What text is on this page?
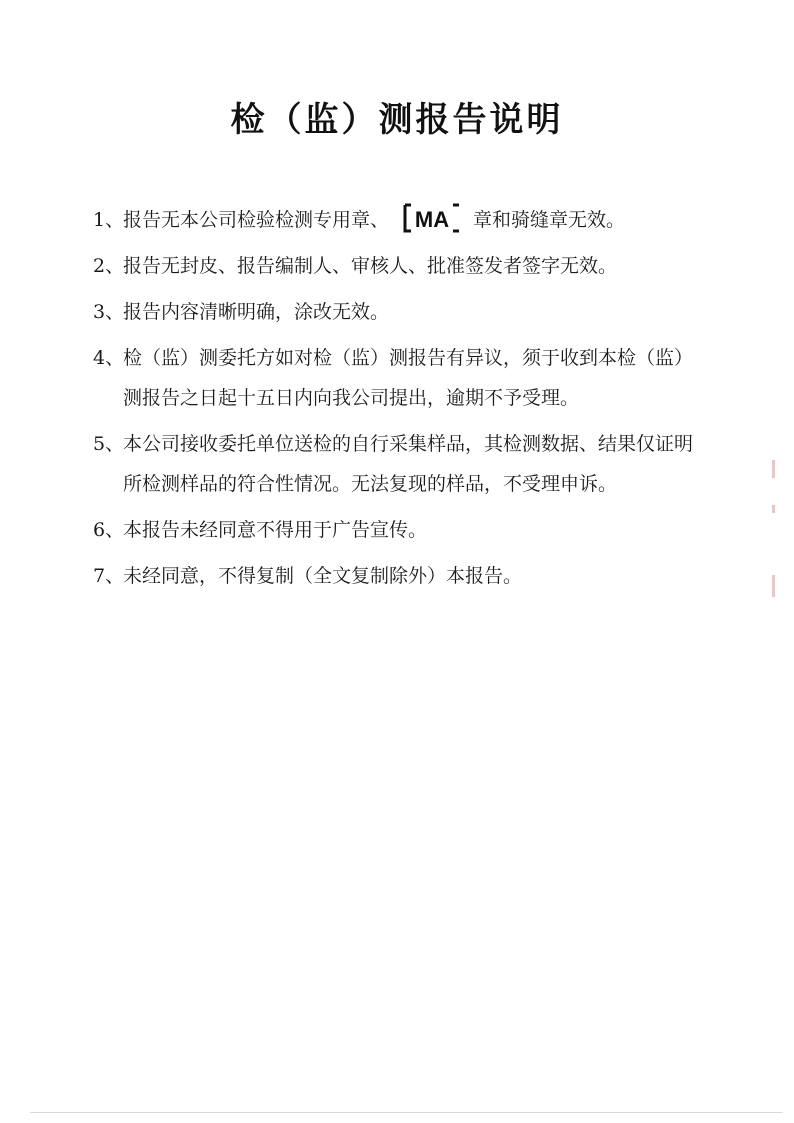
检（监）测报告说明
1、报告无本公司检验检测专用章、 MA 章和骑缝章无效。
2、报告无封皮、报告编制人、审核人、批准签发者签字无效。
3、报告内容清晰明确，涂改无效。
4、
检（监）测委托方如对检（监）测报告有异议，须于收到本检（监）测报告之日起十五日内向我公司提出，逾期不予受理。
5、
本公司接收委托单位送检的自行采集样品，其检测数据、结果仅证明所检测样品的符合性情况。无法复现的样品，不受理申诉。
6、本报告未经同意不得用于广告宣传。
7、未经同意，不得复制（全文复制除外）本报告。
